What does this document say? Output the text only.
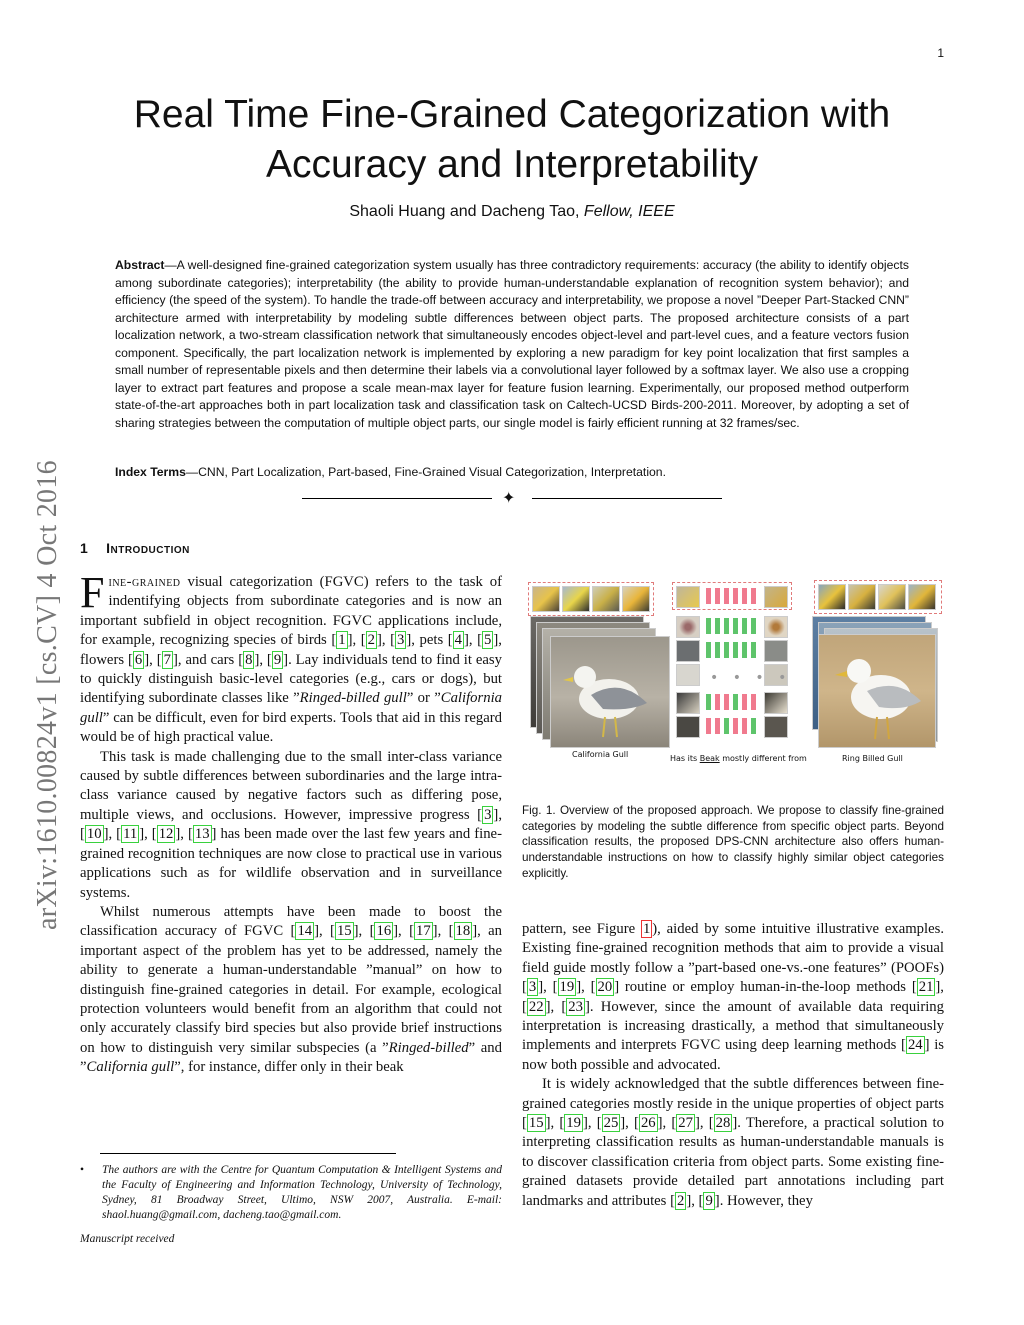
1
arXiv:1610.00824v1 [cs.CV] 4 Oct 2016
Real Time Fine-Grained Categorization with
Accuracy and Interpretability
Shaoli Huang and Dacheng Tao, Fellow, IEEE
Abstract—A well-designed fine-grained categorization system usually has three contradictory requirements: accuracy (the ability to identify objects among subordinate categories); interpretability (the ability to provide human-understandable explanation of recognition system behavior); and efficiency (the speed of the system). To handle the trade-off between accuracy and interpretability, we propose a novel ”Deeper Part-Stacked CNN” architecture armed with interpretability by modeling subtle differences between object parts. The proposed architecture consists of a part localization network, a two-stream classification network that simultaneously encodes object-level and part-level cues, and a feature vectors fusion component. Specifically, the part localization network is implemented by exploring a new paradigm for key point localization that first samples a small number of representable pixels and then determine their labels via a convolutional layer followed by a softmax layer. We also use a cropping layer to extract part features and propose a scale mean-max layer for feature fusion learning. Experimentally, our proposed method outperform state-of-the-art approaches both in part localization task and classification task on Caltech-UCSD Birds-200-2011. Moreover, by adopting a set of sharing strategies between the computation of multiple object parts, our single model is fairly efficient running at 32 frames/sec.
Index Terms—CNN, Part Localization, Part-based, Fine-Grained Visual Categorization, Interpretation.
✦
1 Introduction

Fine-grained visual categorization (FGVC) refers to the task of indentifying objects from subordinate categories and is now an important subfield in object recognition. FGVC applications include, for example, recognizing species of birds [ 1 ], [ 2 ], [ 3 ], pets [ 4 ], [ 5 ], flowers [ 6 ], [ 7 ], and cars [ 8 ], [ 9 ]. Lay individuals tend to find it easy to quickly distinguish basic-level categories (e.g., cars or dogs), but identifying subordinate classes like ”Ringed-billed gull” or ”California gull” can be difficult, even for bird experts. Tools that aid in this regard would be of high practical value.

This task is made challenging due to the small inter-class variance caused by subtle differences between subordinaries and the large intra-class variance caused by negative factors such as differing pose, multiple views, and occlusions. However, impressive progress [ 3 ], [ 10 ], [ 11 ], [ 12 ], [ 13 ] has been made over the last few years and fine-grained recognition techniques are now close to practical use in various applications such as for wildlife observation and in surveillance systems.

Whilst numerous attempts have been made to boost the classification accuracy of FGVC [ 14 ], [ 15 ], [ 16 ], [ 17 ], [ 18 ], an important aspect of the problem has yet to be addressed, namely the ability to generate a human-understandable ”manual” on how to distinguish fine-grained categories in detail. For example, ecological protection volunteers would benefit from an algorithm that could not only accurately classify bird species but also provide brief instructions on how to distinguish very similar subspecies (a ”Ringed-billed” and ”California gull”, for instance, differ only in their beak

• The authors are with the Centre for Quantum Computation & Intelligent Systems and the Faculty of Engineering and Information Technology, University of Technology, Sydney, 81 Broadway Street, Ultimo, NSW 2007, Australia. E-mail: shaol.huang@gmail.com, dacheng.tao@gmail.com.
Manuscript received
• • • •
California Gull	Has its Beak mostly different from	Ring Billed Gull
Fig. 1. Overview of the proposed approach. We propose to classify fine-grained categories by modeling the subtle difference from specific object parts. Beyond classification results, the proposed DPS-CNN architecture also offers human-understandable instructions on how to classify highly similar object categories explicitly.

pattern, see Figure 1 ), aided by some intuitive illustrative examples. Existing fine-grained recognition methods that aim to provide a visual field guide mostly follow a ”part-based one-vs.-one features” (POOFs) [ 3 ], [ 19 ], [ 20 ] routine or employ human-in-the-loop methods [ 21 ], [ 22 ], [ 23 ]. However, since the amount of available data requiring interpretation is increasing drastically, a method that simultaneously implements and interprets FGVC using deep learning methods [ 24 ] is now both possible and advocated.

It is widely acknowledged that the subtle differences between fine-grained categories mostly reside in the unique properties of object parts [ 15 ], [ 19 ], [ 25 ], [ 26 ], [ 27 ], [ 28 ]. Therefore, a practical solution to interpreting classification results as human-understandable manuals is to discover classification criteria from object parts. Some existing fine-grained datasets provide detailed part annotations including part landmarks and attributes [ 2 ], [ 9 ]. However, they
